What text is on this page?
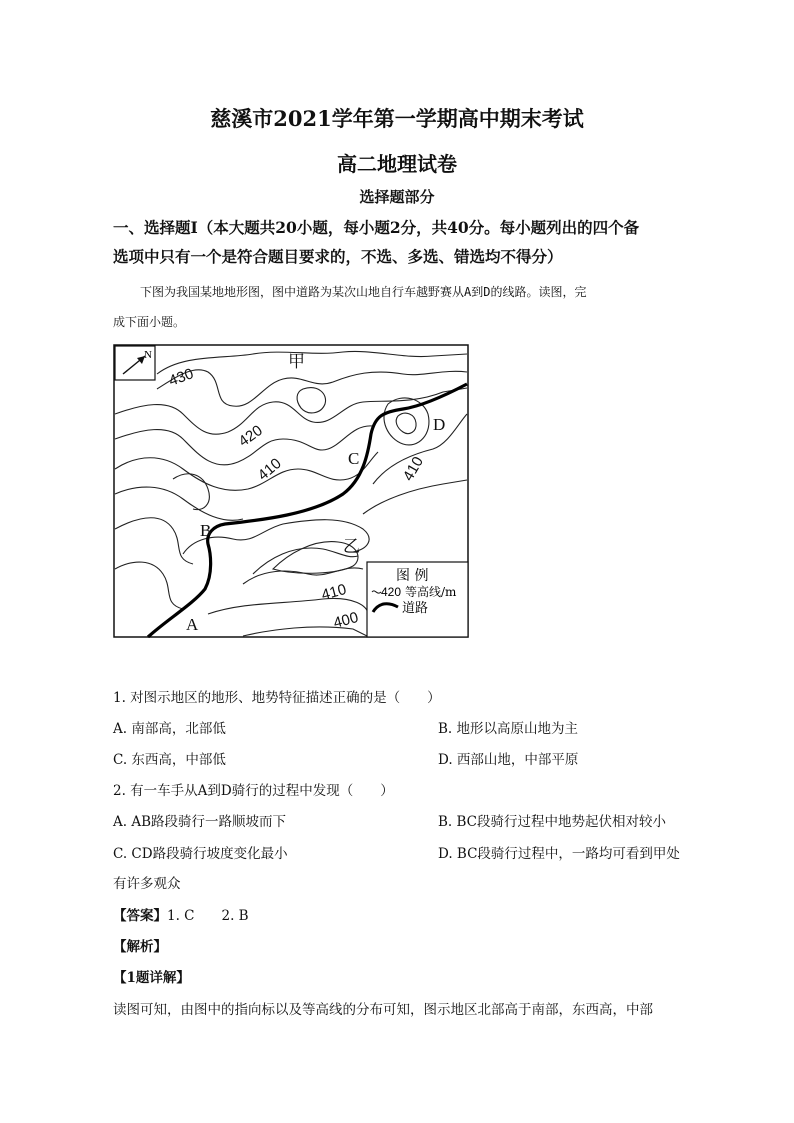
慈溪市2021学年第一学期高中期末考试
高二地理试卷
选择题部分
一、选择题Ⅰ（本大题共20小题，每小题2分，共40分。每小题列出的四个备
选项中只有一个是符合题目要求的，不选、多选、错选均不得分）
下图为我国某地地形图，图中道路为某次山地自行车越野赛从A到D的线路。读图，完
成下面小题。
N	甲
乙
A
B
C
D
430
420
410	410
410
400
图 例
420 等高线/m
道路
1. 对图示地区的地形、地势特征描述正确的是（　　）
A. 南部高，北部低	B. 地形以高原山地为主
C. 东西高，中部低	D. 西部山地，中部平原
2. 有一车手从A到D骑行的过程中发现（　　）
A. AB路段骑行一路顺坡而下	B. BC段骑行过程中地势起伏相对较小
C. CD路段骑行坡度变化最小	D. BC段骑行过程中，一路均可看到甲处
有许多观众
【答案】1. C　　2. B
【解析】
【1题详解】
读图可知，由图中的指向标以及等高线的分布可知，图示地区北部高于南部，东西高，中部
